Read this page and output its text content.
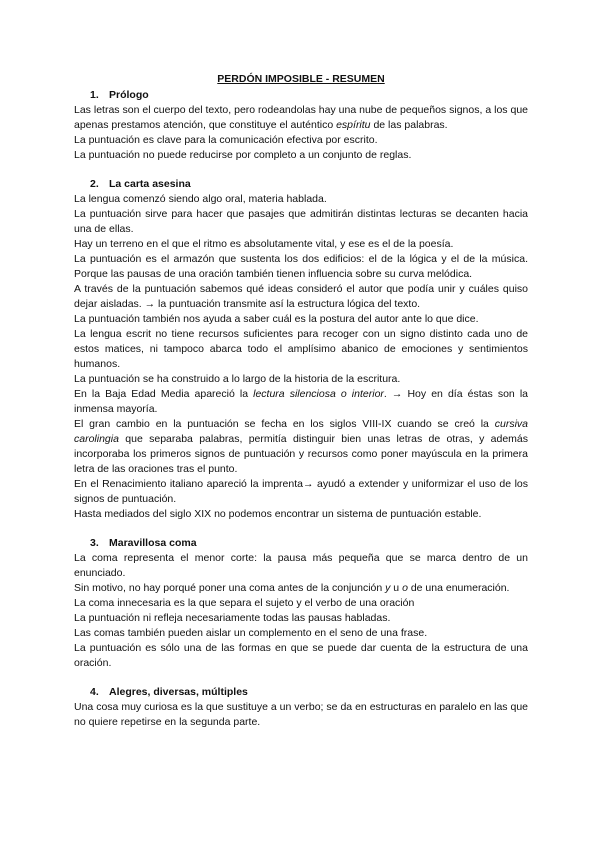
PERDÓN IMPOSIBLE - RESUMEN
1. Prólogo

Las letras son el cuerpo del texto, pero rodeandolas hay una nube de pequeños signos, a los que apenas prestamos atención, que constituye el auténtico espíritu de las palabras.

La puntuación es clave para la comunicación efectiva por escrito.

La puntuación no puede reducirse por completo a un conjunto de reglas.

2. La carta asesina

La lengua comenzó siendo algo oral, materia hablada.

La puntuación sirve para hacer que pasajes que admitirán distintas lecturas se decanten hacia una de ellas.

Hay un terreno en el que el ritmo es absolutamente vital, y ese es el de la poesía.

La puntuación es el armazón que sustenta los dos edificios: el de la lógica y el de la música. Porque las pausas de una oración también tienen influencia sobre su curva melódica.

A través de la puntuación sabemos qué ideas consideró el autor que podía unir y cuáles quiso dejar aisladas. → la puntuación transmite así la estructura lógica del texto.

La puntuación también nos ayuda a saber cuál es la postura del autor ante lo que dice.

La lengua escrit no tiene recursos suficientes para recoger con un signo distinto cada uno de estos matices, ni tampoco abarca todo el amplísimo abanico de emociones y sentimientos humanos.

La puntuación se ha construido a lo largo de la historia de la escritura.

En la Baja Edad Media apareció la lectura silenciosa o interior. → Hoy en día éstas son la inmensa mayoría.

El gran cambio en la puntuación se fecha en los siglos VIII-IX cuando se creó la cursiva carolingia que separaba palabras, permitía distinguir bien unas letras de otras, y además incorporaba los primeros signos de puntuación y recursos como poner mayúscula en la primera letra de las oraciones tras el punto.

En el Renacimiento italiano apareció la imprenta→ ayudó a extender y uniformizar el uso de los signos de puntuación.

Hasta mediados del siglo XIX no podemos encontrar un sistema de puntuación estable.

3. Maravillosa coma

La coma representa el menor corte: la pausa más pequeña que se marca dentro de un enunciado.

Sin motivo, no hay porqué poner una coma antes de la conjunción y u o de una enumeración.

La coma innecesaria es la que separa el sujeto y el verbo de una oración

La puntuación ni refleja necesariamente todas las pausas habladas.

Las comas también pueden aislar un complemento en el seno de una frase.

La puntuación es sólo una de las formas en que se puede dar cuenta de la estructura de una oración.

4. Alegres, diversas, múltiples

Una cosa muy curiosa es la que sustituye a un verbo; se da en estructuras en paralelo en las que no quiere repetirse en la segunda parte.
